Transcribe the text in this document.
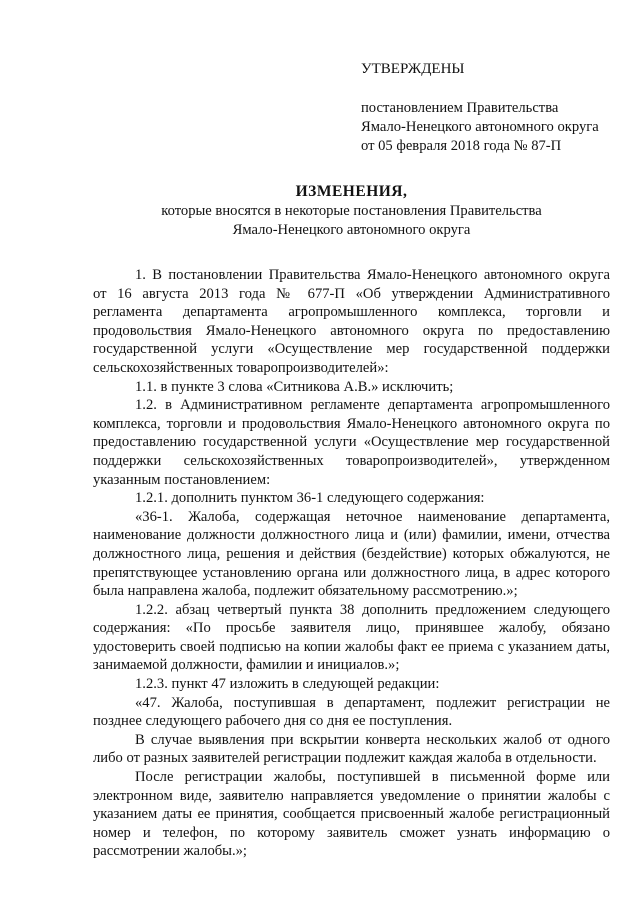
УТВЕРЖДЕНЫ
постановлением Правительства
Ямало-Ненецкого автономного округа
от 05 февраля 2018 года № 87-П
ИЗМЕНЕНИЯ,
которые вносятся в некоторые постановления Правительства
Ямало-Ненецкого автономного округа

1. В постановлении Правительства Ямало-Ненецкого автономного округа от 16 августа 2013 года № 677-П «Об утверждении Административного регламента департамента агропромышленного комплекса, торговли и продовольствия Ямало-Ненецкого автономного округа по предоставлению государственной услуги «Осуществление мер государственной поддержки сельскохозяйственных товаропроизводителей»:

1.1. в пункте 3 слова «Ситникова А.В.» исключить;

1.2. в Административном регламенте департамента агропромышленного комплекса, торговли и продовольствия Ямало-Ненецкого автономного округа по предоставлению государственной услуги «Осуществление мер государственной поддержки сельскохозяйственных товаропроизводителей», утвержденном указанным постановлением:

1.2.1. дополнить пунктом 36-1 следующего содержания:

«36-1. Жалоба, содержащая неточное наименование департамента, наименование должности должностного лица и (или) фамилии, имени, отчества должностного лица, решения и действия (бездействие) которых обжалуются, не препятствующее установлению органа или должностного лица, в адрес которого была направлена жалоба, подлежит обязательному рассмотрению.»;

1.2.2. абзац четвертый пункта 38 дополнить предложением следующего содержания: «По просьбе заявителя лицо, принявшее жалобу, обязано удостоверить своей подписью на копии жалобы факт ее приема с указанием даты, занимаемой должности, фамилии и инициалов.»;

1.2.3. пункт 47 изложить в следующей редакции:

«47. Жалоба, поступившая в департамент, подлежит регистрации не позднее следующего рабочего дня со дня ее поступления.

В случае выявления при вскрытии конверта нескольких жалоб от одного либо от разных заявителей регистрации подлежит каждая жалоба в отдельности.

После регистрации жалобы, поступившей в письменной форме или электронном виде, заявителю направляется уведомление о принятии жалобы с указанием даты ее принятия, сообщается присвоенный жалобе регистрационный номер и телефон, по которому заявитель сможет узнать информацию о рассмотрении жалобы.»;
